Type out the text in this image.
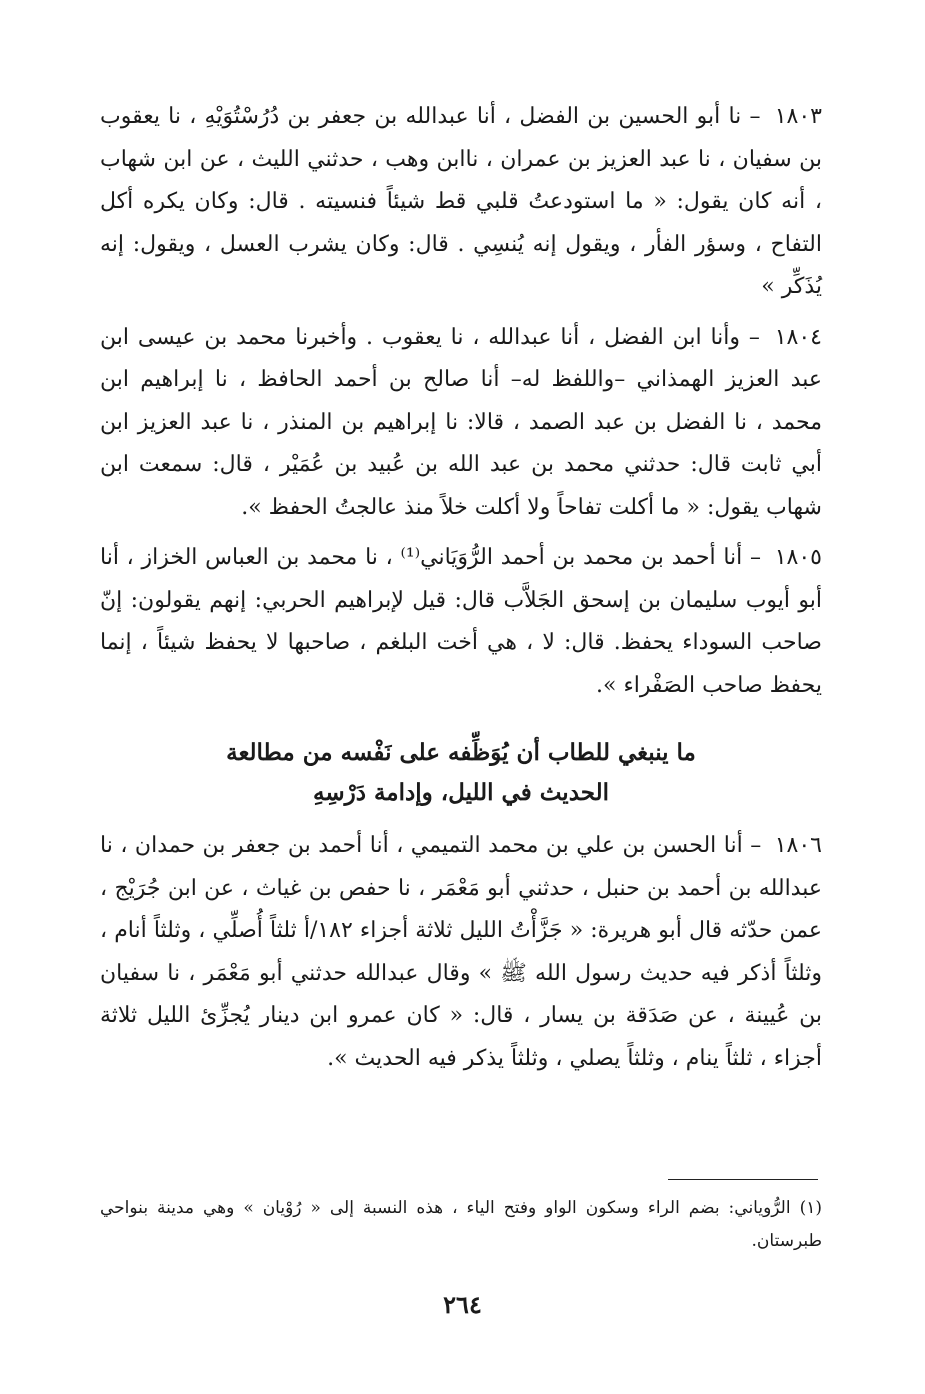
١٨٠٣ – نا أبو الحسين بن الفضل ، أنا عبدالله بن جعفر بن دُرُسْتُوَيْهِ ، نا يعقوب بن سفيان ، نا عبد العزيز بن عمران ، ناابن وهب ، حدثني الليث ، عن ابن شهاب ، أنه كان يقول: « ما استودعتُ قلبي قط شيئاً فنسيته . قال: وكان يكره أكل التفاح ، وسؤر الفأر ، ويقول إنه يُنسِي . قال: وكان يشرب العسل ، ويقول: إنه يُذَكِّر »

١٨٠٤ – وأنا ابن الفضل ، أنا عبدالله ، نا يعقوب . وأخبرنا محمد بن عيسى ابن عبد العزيز الهمذاني –واللفظ له– أنا صالح بن أحمد الحافظ ، نا إبراهيم ابن محمد ، نا الفضل بن عبد الصمد ، قالا: نا إبراهيم بن المنذر ، نا عبد العزيز ابن أبي ثابت قال: حدثني محمد بن عبد الله بن عُبيد بن عُمَيْر ، قال: سمعت ابن شهاب يقول: « ما أكلت تفاحاً ولا أكلت خلاً منذ عالجتُ الحفظ ».

١٨٠٥ – أنا أحمد بن محمد بن أحمد الرُّوَيَاني⁽¹⁾ ، نا محمد بن العباس الخزاز ، أنا أبو أيوب سليمان بن إسحق الجَلاَّب قال: قيل لإبراهيم الحربي: إنهم يقولون: إنّ صاحب السوداء يحفظ. قال: لا ، هي أخت البلغم ، صاحبها لا يحفظ شيئاً ، إنما يحفظ صاحب الصَفْراء ».

ما ينبغي للطاب أن يُوَظِّفه على نَفْسه من مطالعة
الحديث في الليل، وإدامة دَرْسِهِ

١٨٠٦ – أنا الحسن بن علي بن محمد التميمي ، أنا أحمد بن جعفر بن حمدان ، نا عبدالله بن أحمد بن حنبل ، حدثني أبو مَعْمَر ، نا حفص بن غياث ، عن ابن جُرَيْج ، عمن حدّثه قال أبو هريرة: « جَزَّأْتُ الليل ثلاثة أجزاء ١٨٢/أ ثلثاً أُصلِّي ، وثلثاً أنام ، وثلثاً أذكر فيه حديث رسول الله ﷺ » وقال عبدالله حدثني أبو مَعْمَر ، نا سفيان بن عُيينة ، عن صَدَقة بن يسار ، قال: « كان عمرو ابن دينار يُجزِّئ الليل ثلاثة أجزاء ، ثلثاً ينام ، وثلثاً يصلي ، وثلثاً يذكر فيه الحديث ».

(١) الرُّوياني: بضم الراء وسكون الواو وفتح الياء ، هذه النسبة إلى « رُوْيان » وهي مدينة بنواحي طبرستان.
٢٦٤
